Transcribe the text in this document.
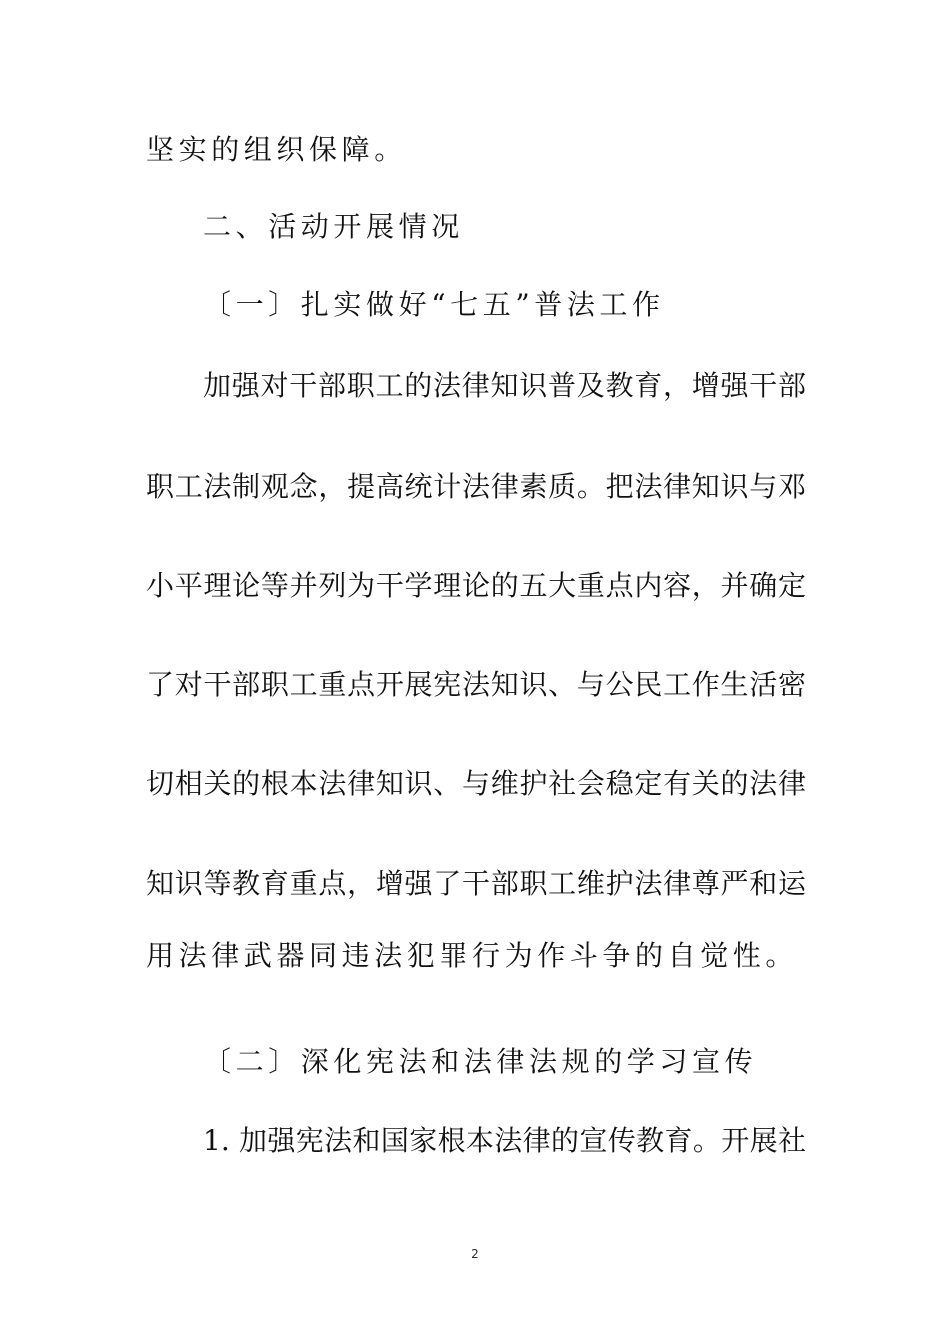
坚实的组织保障。
二、活动开展情况
〔一〕扎实做好“七五”普法工作
加强对干部职工的法律知识普及教育，增强干部
职工法制观念，提高统计法律素质。把法律知识与邓
小平理论等并列为干学理论的五大重点内容，并确定
了对干部职工重点开展宪法知识、与公民工作生活密
切相关的根本法律知识、与维护社会稳定有关的法律
知识等教育重点，增强了干部职工维护法律尊严和运
用法律武器同违法犯罪行为作斗争的自觉性。
〔二〕深化宪法和法律法规的学习宣传
1. 加强宪法和国家根本法律的宣传教育。开展社
2
